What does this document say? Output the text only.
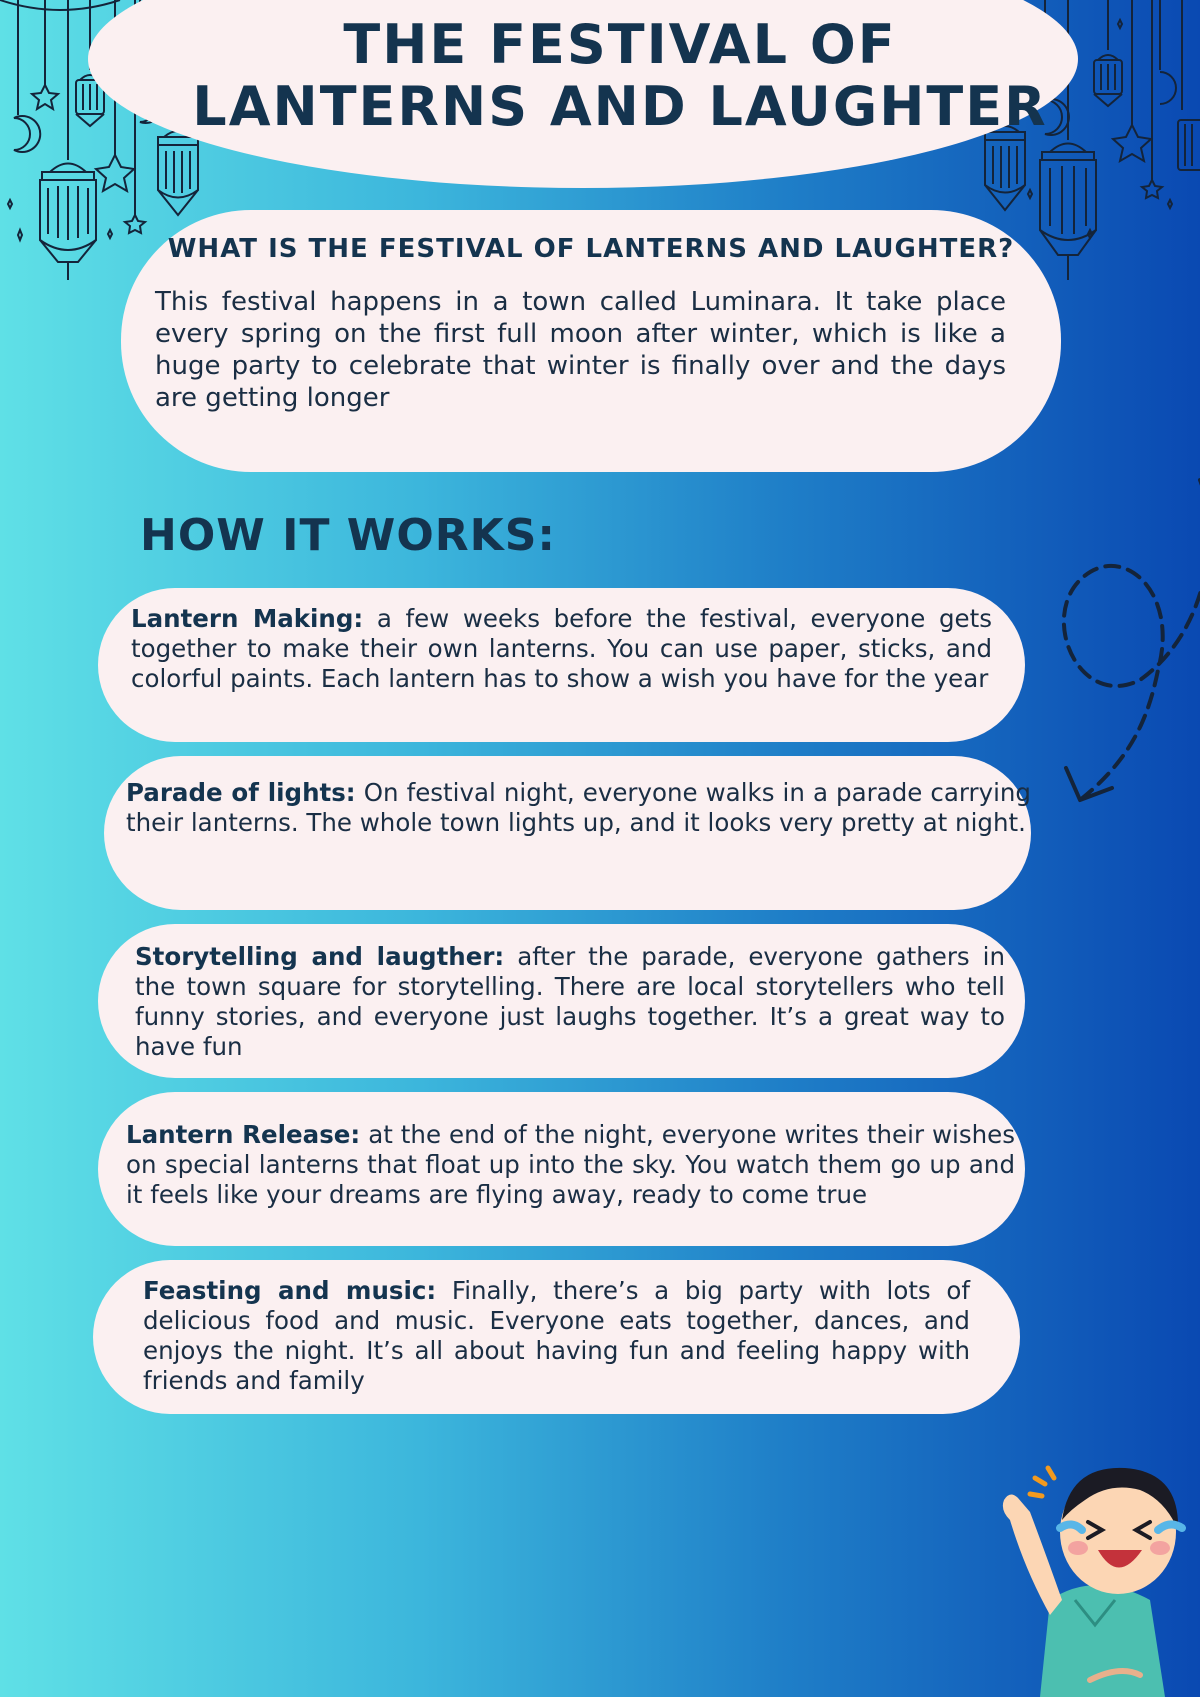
THE FESTIVAL OF LANTERNS AND LAUGHTER
WHAT IS THE FESTIVAL OF LANTERNS AND LAUGHTER?

This festival happens in a town called Luminara. It take place every spring on the first full moon after winter, which is like a huge party to celebrate that winter is finally over and the days are getting longer

HOW IT WORKS:

Lantern Making: a few weeks before the festival, everyone gets together to make their own lanterns. You can use paper, sticks, and colorful paints. Each lantern has to show a wish you have for the year

Parade of lights: On festival night, everyone walks in a parade carrying their lanterns. The whole town lights up, and it looks very pretty at night.

Storytelling and laugther: after the parade, everyone gathers in the town square for storytelling. There are local storytellers who tell funny stories, and everyone just laughs together. It’s a great way to have fun

Lantern Release: at the end of the night, everyone writes their wishes on special lanterns that float up into the sky. You watch them go up and it feels like your dreams are flying away, ready to come true

Feasting and music: Finally, there’s a big party with lots of delicious food and music. Everyone eats together, dances, and enjoys the night. It’s all about having fun and feeling happy with friends and family
